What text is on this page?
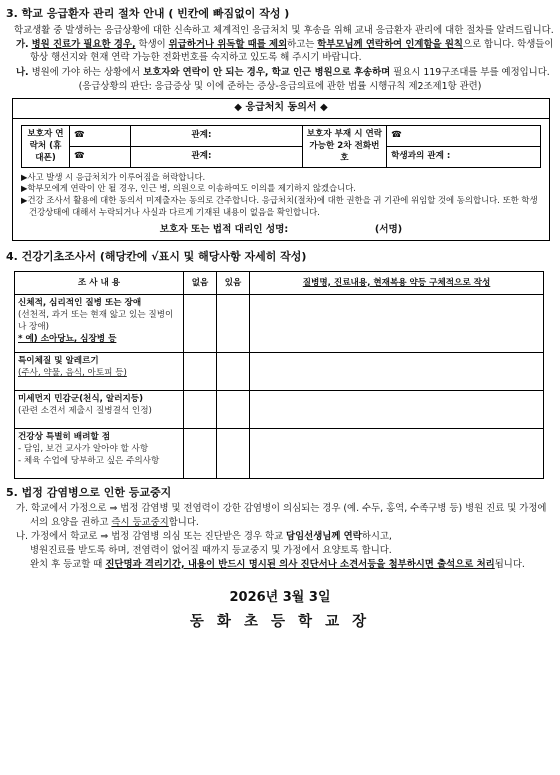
3. 학교 응급환자 관리 절차 안내 ( 빈칸에 빠짐없이 작성 )

학교생활 중 발생하는 응급상황에 대한 신속하고 체계적인 응급처치 및 후송을 위해 교내 응급환자 관리에 대한 절차를 알려드립니다.

가. 병원 진료가 필요한 경우, 학생이 위급하거나 위독할 때를 제외하고는 학부모님께 연락하여 인계함을 원칙으로 합니다. 학생들이 항상 행선지와 현재 연락 가능한 전화번호를 숙지하고 있도록 해 주시기 바랍니다.
나. 병원에 가야 하는 상황에서 보호자와 연락이 안 되는 경우, 학교 인근 병원으로 후송하며 필요시 119구조대를 부를 예정입니다.

(응급상황의 판단: 응급증상 및 이에 준하는 증상-응급의료에 관한 법률 시행규칙 제2조제1항 관련)

◆ 응급처치 동의서 ◆
보호자 연락처 (휴대폰)	☎	관계:	보호자 부재 시 연락 가능한 2차 전화번호	☎
	☎	관계:		학생과의 관계 :
▶사고 발생 시 응급처치가 이루어짐을 허락합니다.
▶학부모에게 연락이 안 될 경우, 인근 병, 의원으로 이송하여도 이의를 제기하지 않겠습니다.
▶건강 조사서 활용에 대한 동의서 미제출자는 동의로 간주합니다. 응급처치(절차)에 대한 권한을 귀 기관에 위임할 것에 동의합니다. 또한 학생 건강상태에 대해서 누락되거나 사실과 다르게 기재된 내용이 없음을 확인합니다.
보호자 또는 법적 대리인 성명:	(서명)
4. 건강기초조사서 (해당칸에 √표시 및 해당사항 자세히 작성)
조 사 내 용	없음	있음	질병명, 진료내용, 현재복용 약등 구체적으로 작성

신체적, 심리적인 질병 또는 장애
(선천적, 과거 또는 현재 앓고 있는 질병이나 장애)
* 예) 소아당뇨, 심장병 등			

특이체질 및 알레르기
(주사, 약물, 음식, 아토피 등)			

미세먼지 민감군(천식, 알러지등)
(관련 소견서 제출시 질병결석 인정)			

건강상 특별히 배려할 점
- 담임, 보건 교사가 알아야 할 사항
- 체육 수업에 당부하고 싶은 주의사항			

5. 법정 감염병으로 인한 등교중지
가. 학교에서 가정으로 ⇒ 법정 감염병 및 전염력이 강한 감염병이 의심되는 경우 (예. 수두, 홍역, 수족구병 등) 병원 진료 및 가정에서의 요양을 권하고 즉시 등교중지합니다.
나. 가정에서 학교로 ⇒ 법정 감염병 의심 또는 진단받은 경우 학교 담임선생님께 연락하시고,

병원진료를 받도록 하며, 전염력이 없어질 때까지 등교중지 및 가정에서 요양토록 합니다.

완치 후 등교할 때 진단명과 격리기간, 내용이 반드시 명시된 의사 진단서나 소견서등을 첨부하시면 출석으로 처리됩니다.

2026년 3월 3일
동 화 초 등 학 교 장
